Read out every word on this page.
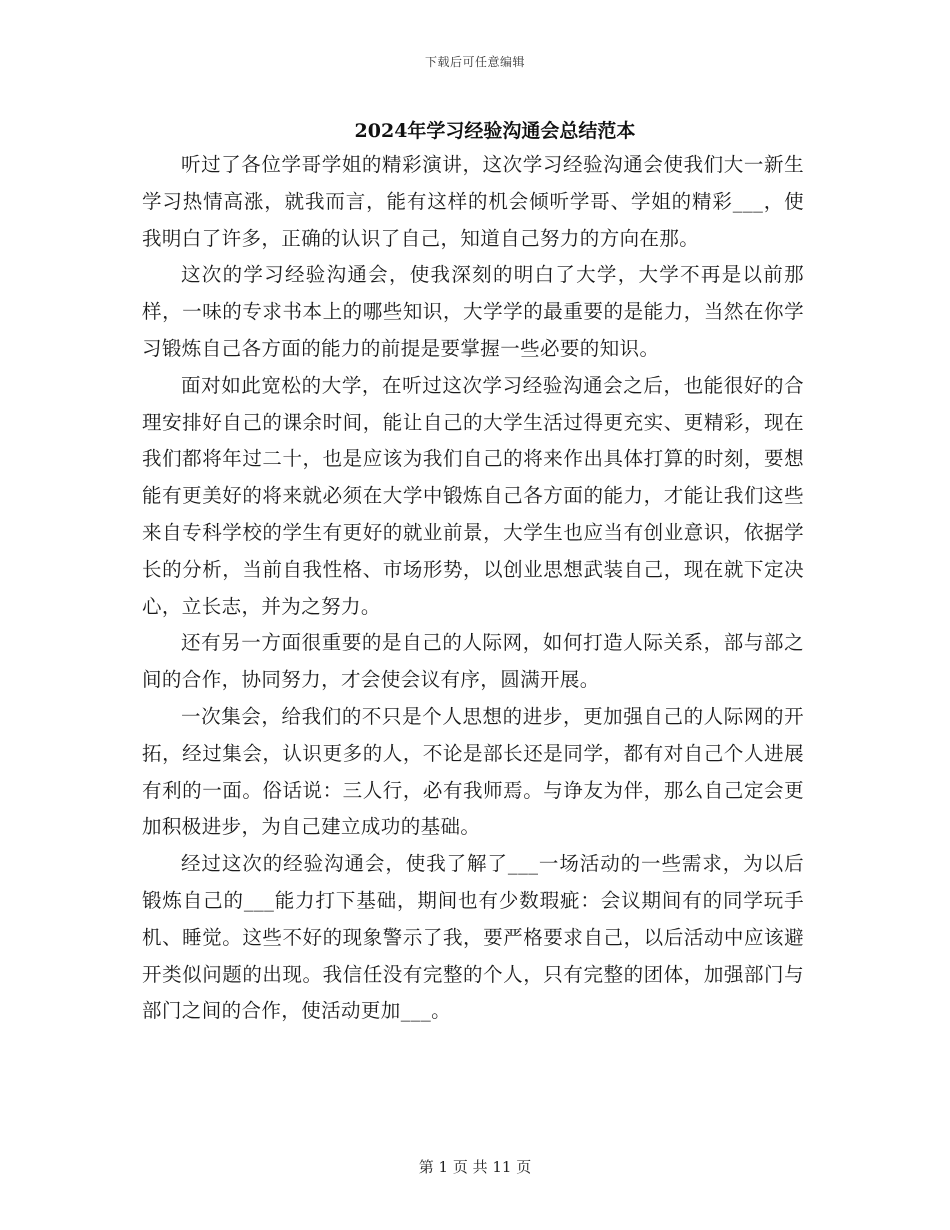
下载后可任意编辑
2024年学习经验沟通会总结范本

听过了各位学哥学姐的精彩演讲，这次学习经验沟通会使我们大一新生学习热情高涨，就我而言，能有这样的机会倾听学哥、学姐的精彩___，使我明白了许多，正确的认识了自己，知道自己努力的方向在那。

这次的学习经验沟通会，使我深刻的明白了大学，大学不再是以前那样，一味的专求书本上的哪些知识，大学学的最重要的是能力，当然在你学习锻炼自己各方面的能力的前提是要掌握一些必要的知识。

面对如此宽松的大学，在听过这次学习经验沟通会之后，也能很好的合理安排好自己的课余时间，能让自己的大学生活过得更充实、更精彩，现在我们都将年过二十，也是应该为我们自己的将来作出具体打算的时刻，要想能有更美好的将来就必须在大学中锻炼自己各方面的能力，才能让我们这些来自专科学校的学生有更好的就业前景，大学生也应当有创业意识，依据学长的分析，当前自我性格、市场形势，以创业思想武装自己，现在就下定决心，立长志，并为之努力。

还有另一方面很重要的是自己的人际网，如何打造人际关系，部与部之间的合作，协同努力，才会使会议有序，圆满开展。

一次集会，给我们的不只是个人思想的进步，更加强自己的人际网的开拓，经过集会，认识更多的人，不论是部长还是同学，都有对自己个人进展有利的一面。俗话说：三人行，必有我师焉。与诤友为伴，那么自己定会更加积极进步，为自己建立成功的基础。

经过这次的经验沟通会，使我了解了___一场活动的一些需求，为以后锻炼自己的___能力打下基础，期间也有少数瑕疵：会议期间有的同学玩手机、睡觉。这些不好的现象警示了我，要严格要求自己，以后活动中应该避开类似问题的出现。我信任没有完整的个人，只有完整的团体，加强部门与部门之间的合作，使活动更加___。

第 1 页 共 11 页
